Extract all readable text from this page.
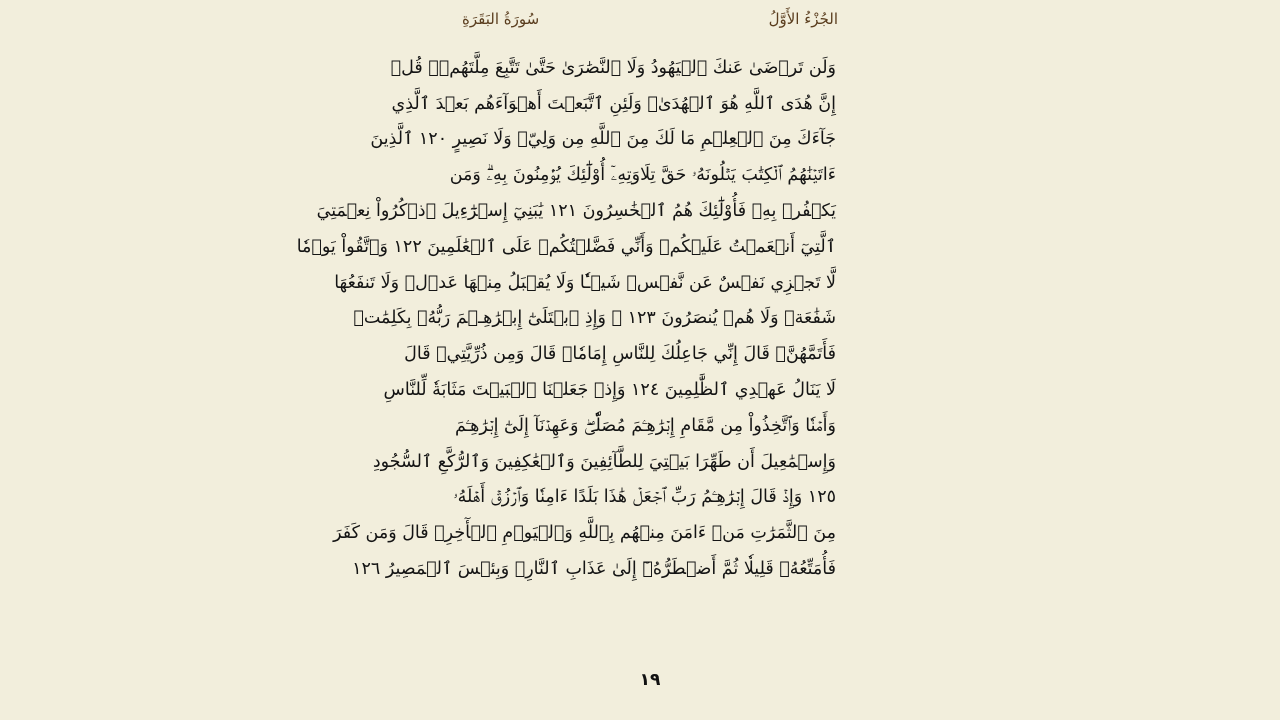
سُورَةُ البَقَرَةِ	الجُزْءُ الأَوَّلُ
وَلَن تَرۡضَىٰ عَنكَ ٱلۡيَهُودُ وَلَا ٱلنَّصَٰرَىٰ حَتَّىٰ تَتَّبِعَ مِلَّتَهُمۡۗ قُلۡ
إِنَّ هُدَى ٱللَّهِ هُوَ ٱلۡهُدَىٰۗ وَلَئِنِ ٱتَّبَعۡتَ أَهۡوَآءَهُم بَعۡدَ ٱلَّذِي
جَآءَكَ مِنَ ٱلۡعِلۡمِ مَا لَكَ مِنَ ٱللَّهِ مِن وَلِيّٖ وَلَا نَصِيرٍ ١٢٠ ٱلَّذِينَ
ءَاتَيۡنَٰهُمُ ٱلۡكِتَٰبَ يَتۡلُونَهُۥ حَقَّ تِلَاوَتِهِۦٓ أُوْلَٰٓئِكَ يُؤۡمِنُونَ بِهِۦۗ وَمَن
يَكۡفُرۡ بِهِۦ فَأُوْلَٰٓئِكَ هُمُ ٱلۡخَٰسِرُونَ ١٢١ يَٰبَنِيٓ إِسۡرَٰٓءِيلَ ٱذۡكُرُواْ نِعۡمَتِيَ
ٱلَّتِيٓ أَنۡعَمۡتُ عَلَيۡكُمۡ وَأَنِّي فَضَّلۡتُكُمۡ عَلَى ٱلۡعَٰلَمِينَ ١٢٢ وَٱتَّقُواْ يَوۡمٗا
لَّا تَجۡزِي نَفۡسٌ عَن نَّفۡسٖ شَيۡـٔٗا وَلَا يُقۡبَلُ مِنۡهَا عَدۡلٞ وَلَا تَنفَعُهَا
شَفَٰعَةٞ وَلَا هُمۡ يُنصَرُونَ ١٢٣ ۞ وَإِذِ ٱبۡتَلَىٰٓ إِبۡرَٰهِـۧمَ رَبُّهُۥ بِكَلِمَٰتٖ
فَأَتَمَّهُنَّۖ قَالَ إِنِّي جَاعِلُكَ لِلنَّاسِ إِمَامٗاۖ قَالَ وَمِن ذُرِّيَّتِيۖ قَالَ
لَا يَنَالُ عَهۡدِي ٱلظَّٰلِمِينَ ١٢٤ وَإِذۡ جَعَلۡنَا ٱلۡبَيۡتَ مَثَابَةٗ لِّلنَّاسِ
وَأَمۡنٗا وَٱتَّخِذُواْ مِن مَّقَامِ إِبۡرَٰهِـۧمَ مُصَلّٗىۖ وَعَهِدۡنَآ إِلَىٰٓ إِبۡرَٰهِـۧمَ
وَإِسۡمَٰعِيلَ أَن طَهِّرَا بَيۡتِيَ لِلطَّآئِفِينَ وَٱلۡعَٰكِفِينَ وَٱلرُّكَّعِ ٱلسُّجُودِ
١٢٥ وَإِذۡ قَالَ إِبۡرَٰهِـۧمُ رَبِّ ٱجۡعَلۡ هَٰذَا بَلَدًا ءَامِنٗا وَٱرۡزُقۡ أَهۡلَهُۥ
مِنَ ٱلثَّمَرَٰتِ مَنۡ ءَامَنَ مِنۡهُم بِٱللَّهِ وَٱلۡيَوۡمِ ٱلۡأٓخِرِۚ قَالَ وَمَن كَفَرَ
فَأُمَتِّعُهُۥ قَلِيلٗا ثُمَّ أَضۡطَرُّهُۥٓ إِلَىٰ عَذَابِ ٱلنَّارِۖ وَبِئۡسَ ٱلۡمَصِيرُ ١٢٦
١٩
